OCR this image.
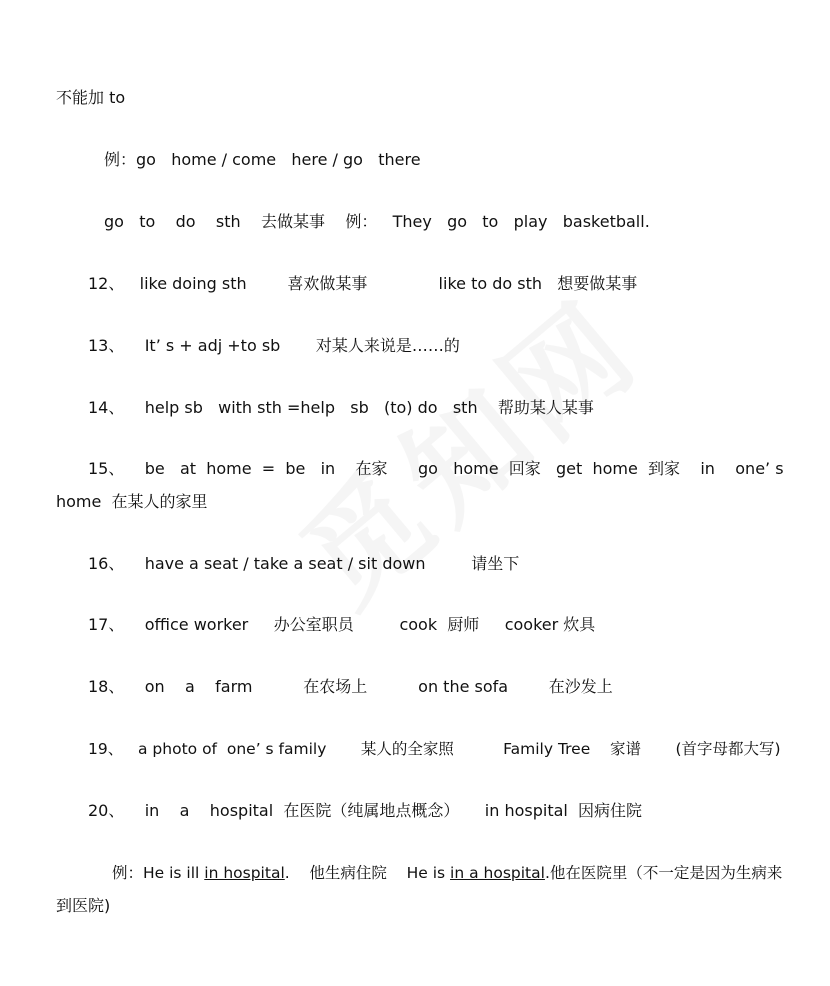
不能加 to
例：go   home / come   here / go   there
go   to    do    sth    去做某事    例：   They   go   to   play   basketball.
12、   like doing sth        喜欢做某事              like to do sth   想要做某事
13、    It’ s + adj +to sb       对某人来说是……的
14、    help sb   with sth =help   sb   (to) do   sth    帮助某人某事
15、    be   at  home  =  be   in    在家      go   home  回家   get  home  到家    in    one’ s
home  在某人的家里
16、    have a seat / take a seat / sit down         请坐下
17、    office worker     办公室职员         cook  厨师     cooker 炊具
18、    on    a    farm          在农场上          on the sofa        在沙发上
19、   a photo of  one’ s family       某人的全家照          Family Tree    家谱       (首字母都大写)
20、    in    a    hospital  在医院（纯属地点概念）     in hospital  因病住院
例：He is ill in hospital.    他生病住院    He is in a hospital.他在医院里（不一定是因为生病来
到医院)
